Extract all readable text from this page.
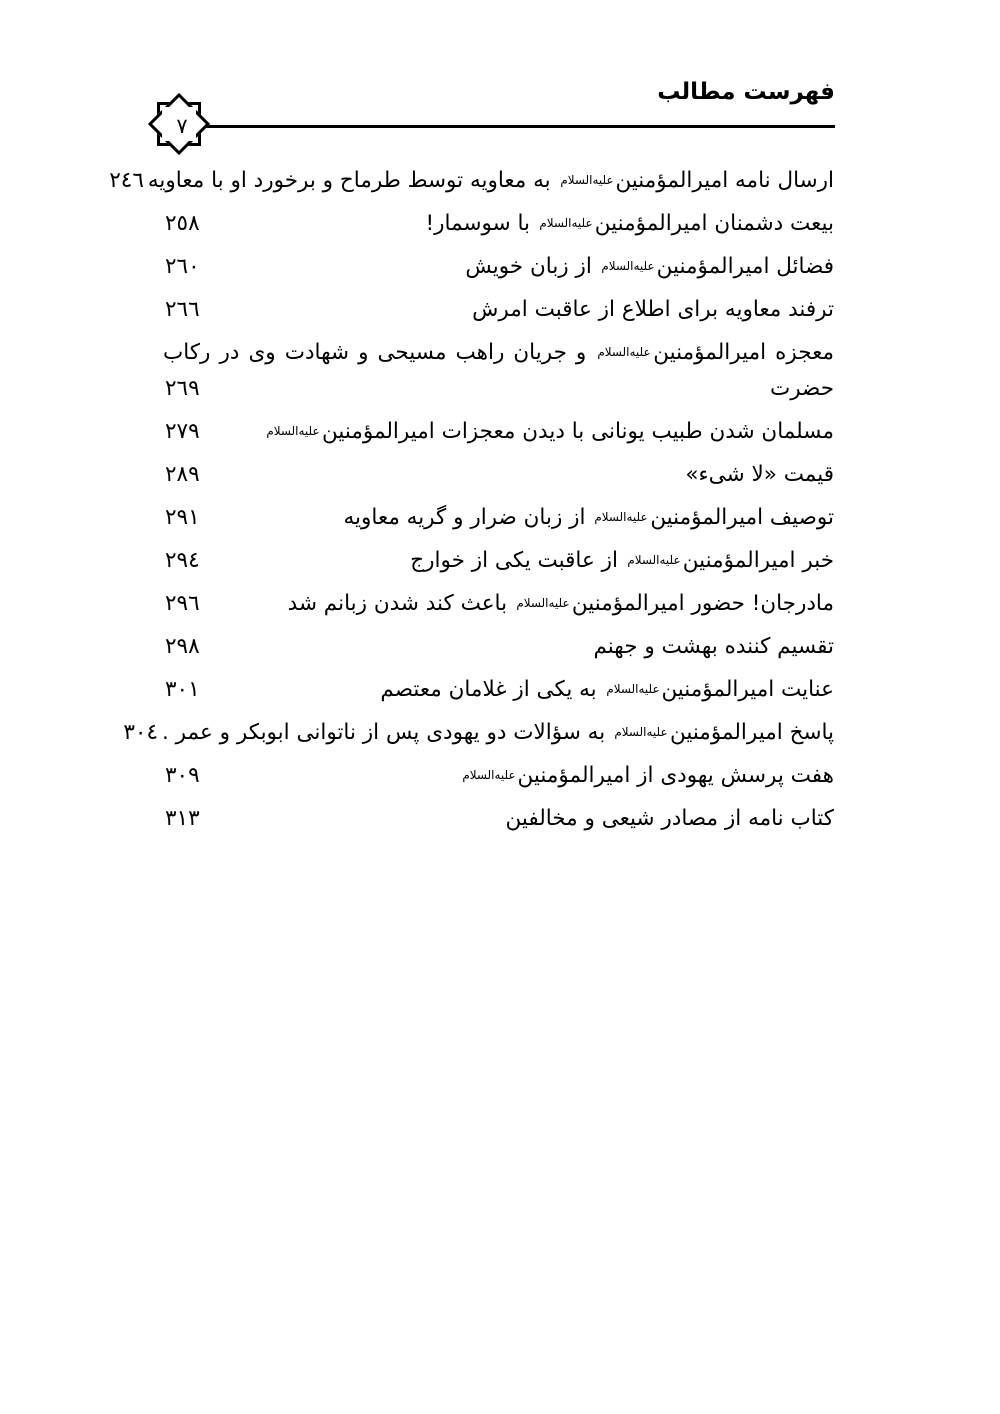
فهرست مطالب
٧
ارسال نامه امیرالمؤمنینعليه‌السلام به معاویه توسط طرماح و برخورد او با معاویه
٢٤٦
بیعت دشمنان امیرالمؤمنینعليه‌السلام با سوسمار!
٢٥٨
فضائل امیرالمؤمنینعليه‌السلام از زبان خویش
٢٦٠
ترفند معاویه برای اطلاع از عاقبت امرش
٢٦٦
معجزه امیرالمؤمنینعليه‌السلام و جریان راهب مسیحی و شهادت وی در رکاب
حضرت
٢٦٩
مسلمان شدن طبیب یونانی با دیدن معجزات امیرالمؤمنینعليه‌السلام
٢٧٩
قیمت «لا شیء»
٢٨٩
توصیف امیرالمؤمنینعليه‌السلام از زبان ضرار و گریه معاویه
٢٩١
خبر امیرالمؤمنینعليه‌السلام از عاقبت یکی از خوارج
٢٩٤
مادرجان! حضور امیرالمؤمنینعليه‌السلام باعث کند شدن زبانم شد
٢٩٦
تقسیم کننده بهشت و جهنم
٢٩٨
عنایت امیرالمؤمنینعليه‌السلام به یکی از غلامان معتصم
٣٠١
پاسخ امیرالمؤمنینعليه‌السلام به سؤالات دو یهودی پس از ناتوانی ابوبکر و عمر .
٣٠٤
هفت پرسش یهودی از امیرالمؤمنینعليه‌السلام
٣٠٩
کتاب نامه از مصادر شیعی و مخالفین
٣١٣
